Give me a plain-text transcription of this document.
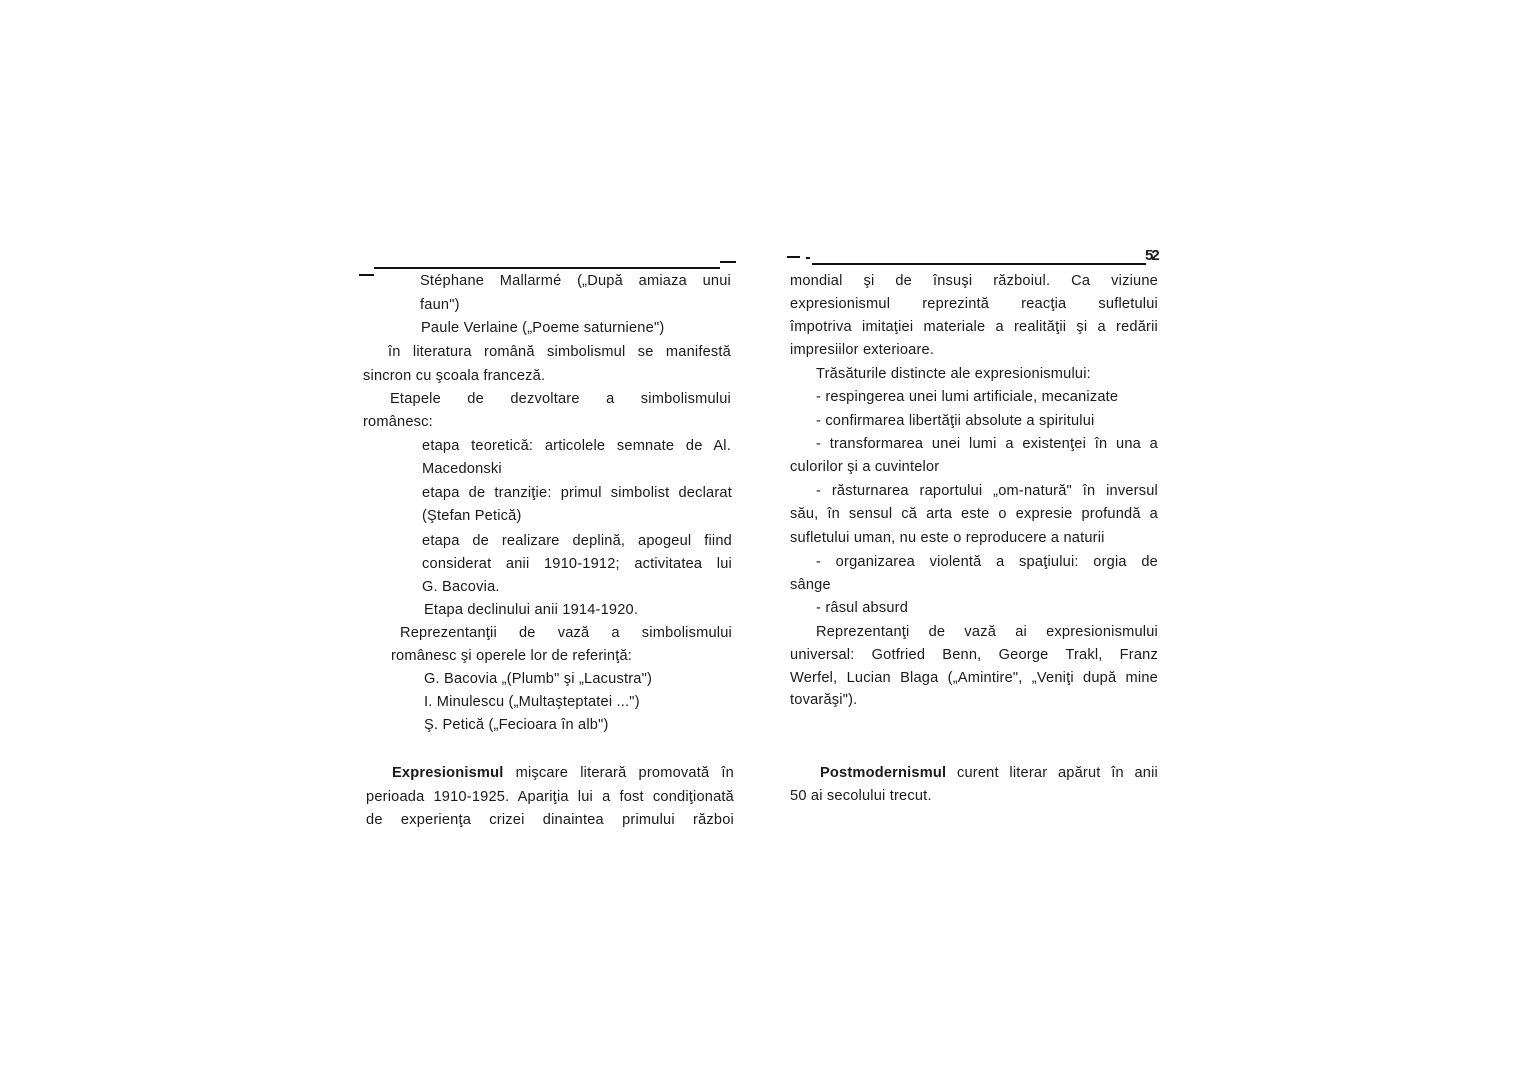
52
Stéphane Mallarmé („După amiaza unui
faun")
Paule Verlaine („Poeme saturniene")
în literatura română simbolismul se manifestă
sincron cu şcoala franceză.
Etapele de dezvoltare a simbolismului
românesc:
etapa teoretică: articolele semnate de Al.
Macedonski
etapa de tranziţie: primul simbolist declarat
(Ştefan Petică)
etapa de realizare deplină, apogeul fiind
considerat anii 1910-1912; activitatea lui
G. Bacovia.
Etapa declinului anii 1914-1920.
Reprezentanţii de vază a simbolismului
românesc şi operele lor de referinţă:
G. Bacovia „(Plumb" şi „Lacustra")
I. Minulescu („Multaşteptatei ...")
Ş. Petică („Fecioara în alb")
Expresionismul mişcare literară promovată în
perioada 1910-1925. Apariţia lui a fost condiţionată
de experienţa crizei dinaintea primului război
mondial şi de însuşi războiul. Ca viziune
expresionismul reprezintă reacţia sufletului
împotriva imitaţiei materiale a realităţii şi a redării
impresiilor exterioare.
Trăsăturile distincte ale expresionismului:
- respingerea unei lumi artificiale, mecanizate
- confirmarea libertăţii absolute a spiritului
- transformarea unei lumi a existenţei în una a
culorilor şi a cuvintelor
- răsturnarea raportului „om-natură" în inversul
său, în sensul că arta este o expresie profundă a
sufletului uman, nu este o reproducere a naturii
- organizarea violentă a spaţiului: orgia de
sânge
- râsul absurd
Reprezentanţi de vază ai expresionismului
universal: Gotfried Benn, George Trakl, Franz
Werfel, Lucian Blaga („Amintire", „Veniţi după mine
tovarăşi").
Postmodernismul curent literar apărut în anii
50 ai secolului trecut.
